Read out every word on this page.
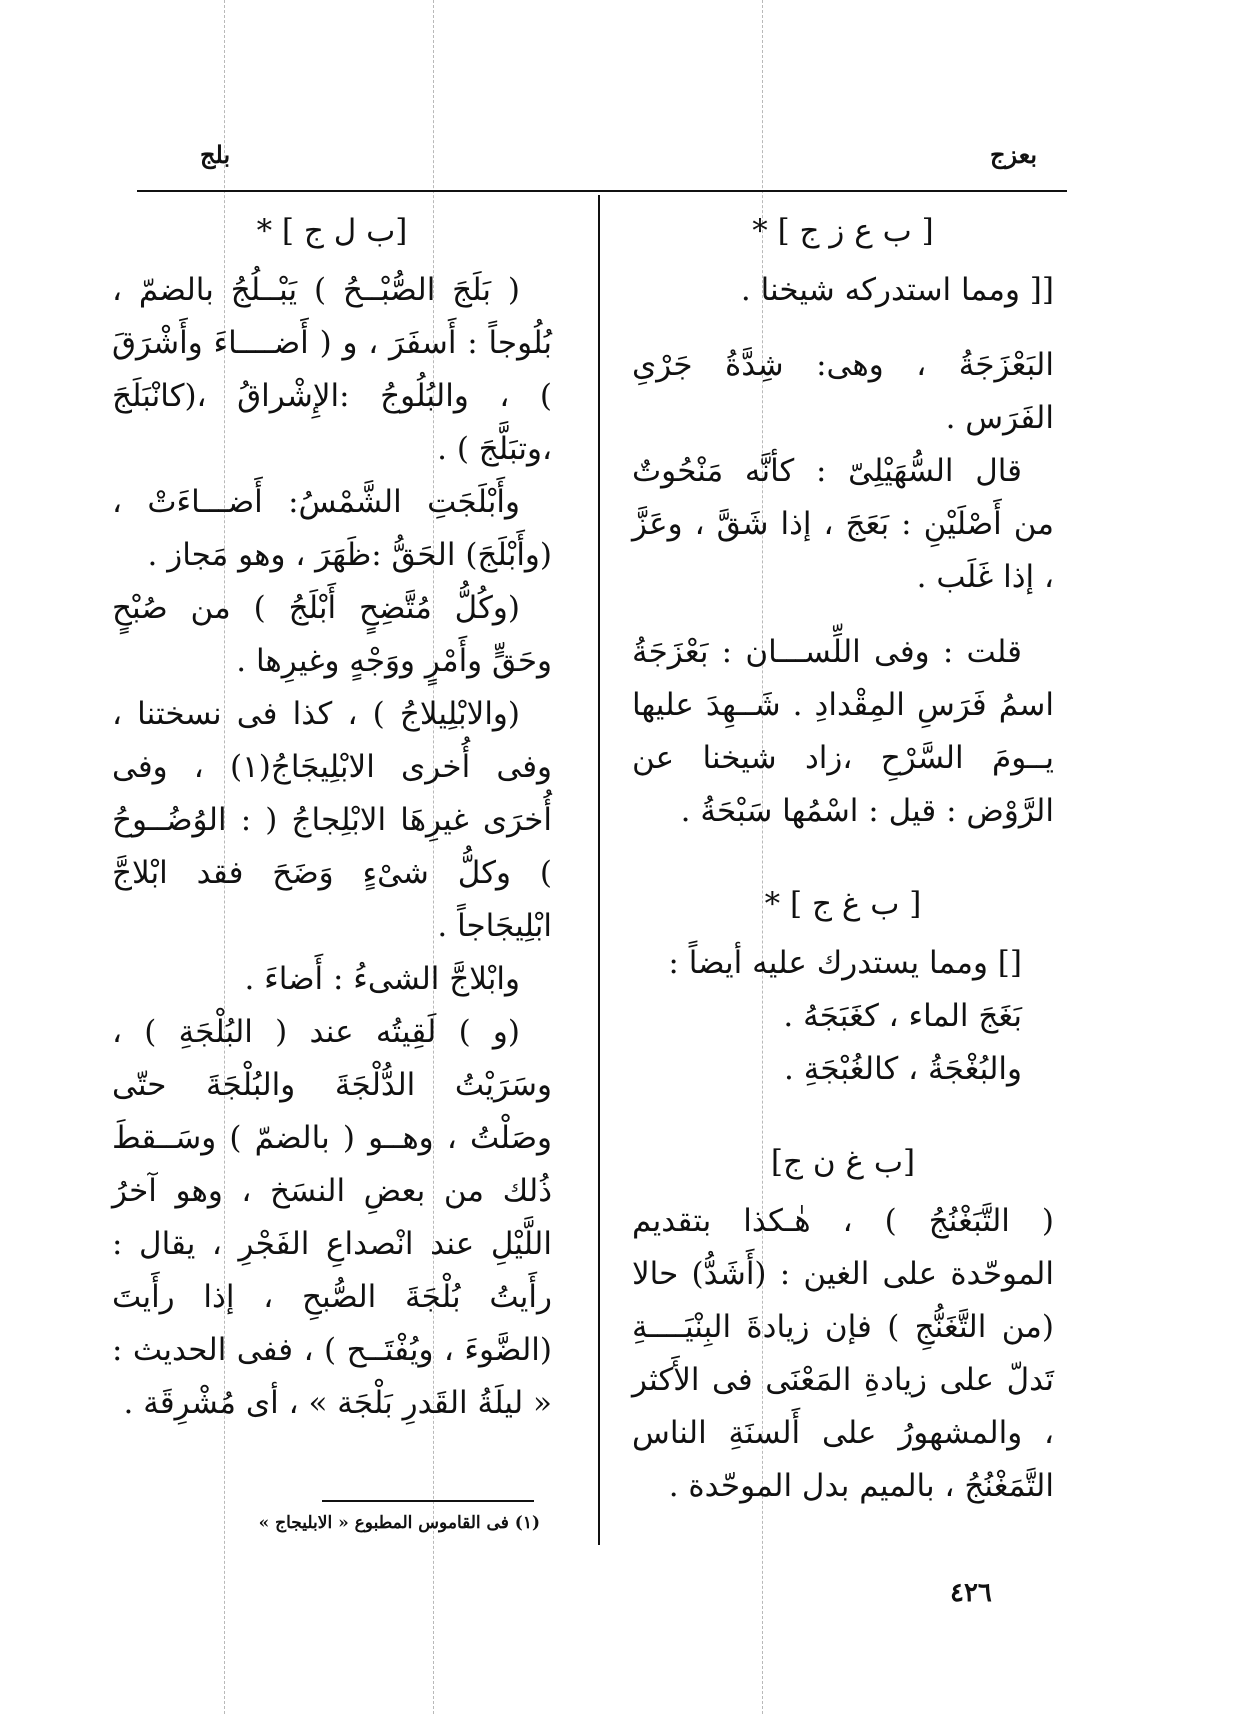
بعزج
بلج
[ ب ع ز ج ] *

[[ ومما استدركه شيخنا .

البَعْزَجَةُ ، وهى: شِدَّةُ جَرْىِ الفَرَس .

قال السُّهَيْلِىّ : كأنَّه مَنْحُوتٌ من أَصْلَيْنِ : بَعَجَ ، إذا شَقَّ ، وعَزَّ ، إذا غَلَب .

قلت : وفى اللِّســـان : بَعْزَجَةُ اسمُ فَرَسِ المِقْدادِ . شَــهِدَ عليها يــومَ السَّرْحِ ،زاد شيخنا عن الرَّوْض : قيل : اسْمُها سَبْحَةُ .

[ ب غ ج ] *

[] ومما يستدرك عليه أيضاً :

بَغَجَ الماء ، كغَبَجَهُ .

والبُغْجَةُ ، كالغُبْجَةِ .

[ب غ ن ج]

( التَّبَغْنُجُ ) ، هٰـكذا بتقديم الموحّدة على الغين : (أَشَدُّ) حالا (من التَّغَنُّجِ ) فإن زيادةَ البِنْيَــــةِ تَدلّ على زيادةِ المَعْنَى فى الأَكثر ، والمشهورُ على أَلسنَةِ الناس التَّمَغْنُجُ ، بالميم بدل الموحّدة .

[ب ل ج ] *

( بَلَجَ الصُّبْــحُ ) يَبْــلُجُ بالضمّ ، بُلُوجاً : أَسفَرَ ، و ( أَضــــاءَ وأَشْرَقَ ) ، والبُلُوجُ :الإِشْراقُ ،(كانْبَلَجَ ،وتبَلَّجَ ) .

وأَبْلَجَتِ الشَّمْسُ: أَضـــاءَتْ ، (وأَبْلَجَ) الحَقُّ :ظَهَرَ ، وهو مَجاز .

(وكُلُّ مُتَّضِحٍ أَبْلَجُ ) من صُبْحٍ وحَقٍّ وأَمْرٍ ووَجْهٍ وغيرِها .

(والابْلِيلاجُ ) ، كذا فى نسختنا ، وفى أُخرى الابْلِيجَاجُ(١) ، وفى أُخرَى غيرِهَا الابْلِجاجُ ( : الوُضُــوحُ ) وكلُّ شىْءٍ وَضَحَ فقد ابْلاجَّ ابْلِيجَاجاً .

وابْلاجَّ الشىءُ : أَضاءَ .

(و ) لَقِيتُه عند ( البُلْجَةِ ) ، وسَرَيْتُ الدُّلْجَةَ والبُلْجَةَ حتّى وصَلْتُ ، وهــو ( بالضمّ ) وسَــقطَ ذُلك من بعضِ النسَخ ، وهو آخرُ اللَّيْلِ عند انْصداعِ الفَجْرِ ، يقال : رأَيتُ بُلْجَةَ الصُّبحِ ، إذا رأَيتَ (الضَّوءَ ، ويُفْتَــح ) ، ففى الحديث : « ليلَةُ القَدرِ بَلْجَة » ، أى مُشْرِقَة .

(١) فى القاموس المطبوع « الابليجاج »
٤٢٦
